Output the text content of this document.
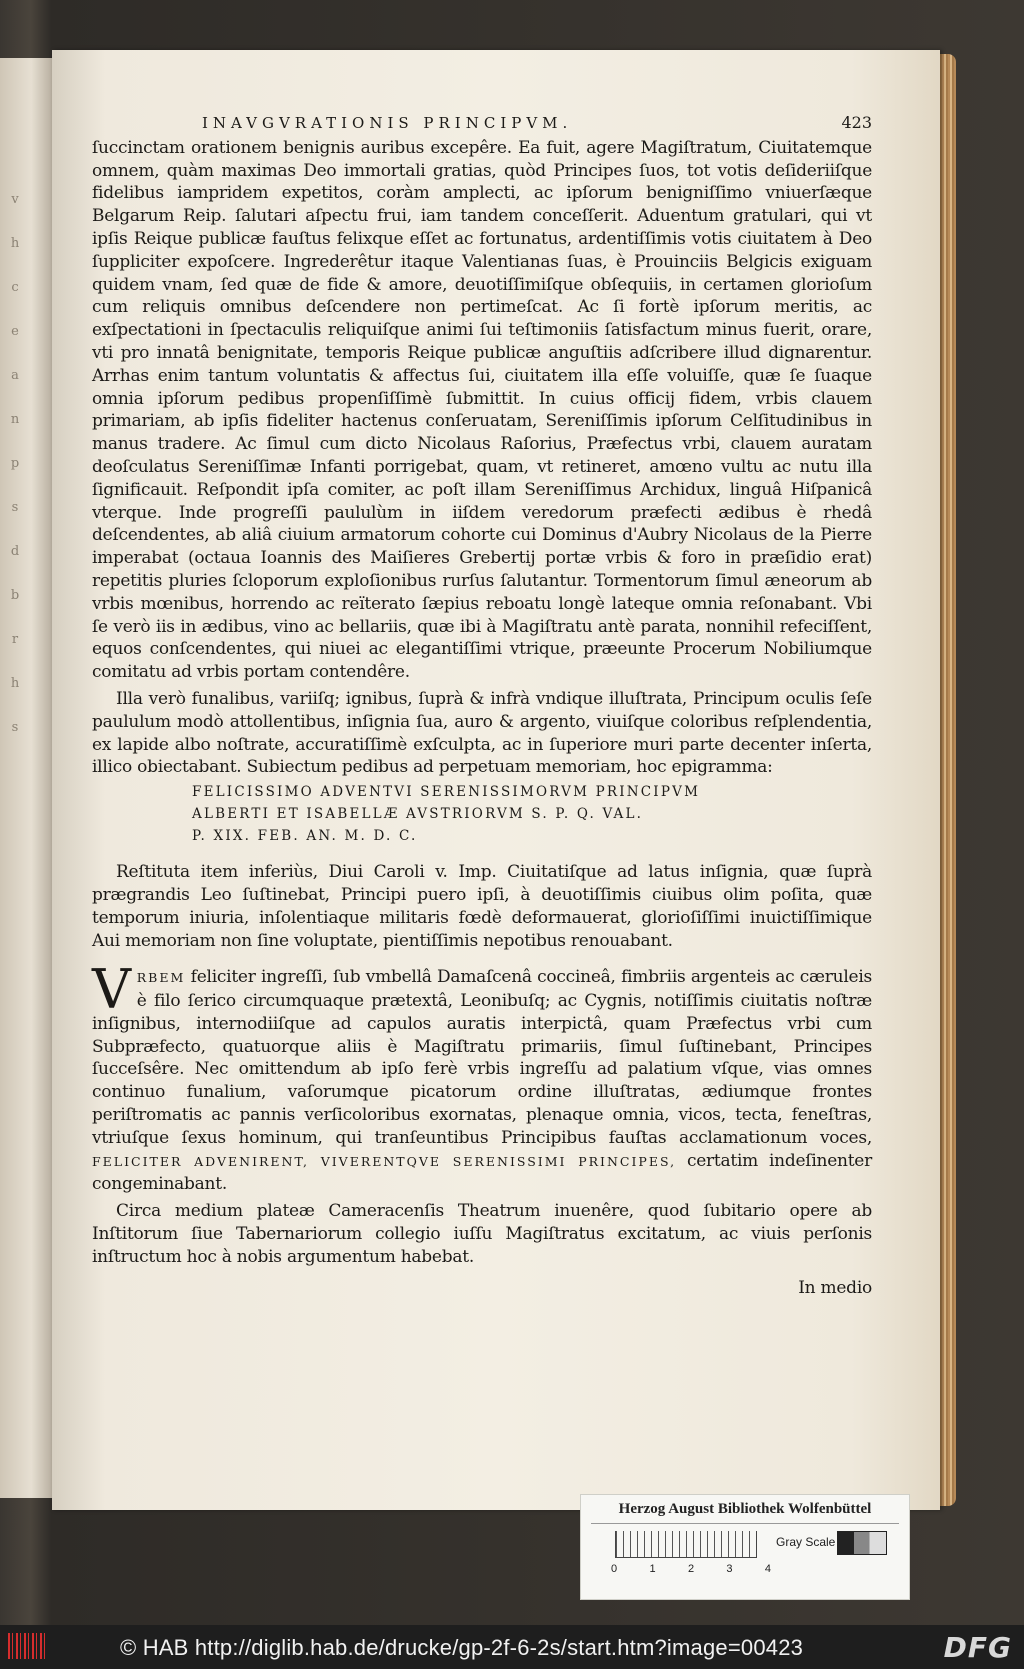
v
h
c
e
a
n
p
s
d
b
r
h
s
INAVGVRATIONIS PRINCIPVM.	423

ſuccinctam orationem benignis auribus excepêre. Ea fuit, agere Magiſtratum, Ciuitatemque omnem, quàm maximas Deo immortali gratias, quòd Principes ſuos, tot votis deſideriiſque fidelibus iampridem expetitos, coràm amplecti, ac ipſorum benigniſſimo vniuerſæque Belgarum Reip. ſalutari aſpectu frui, iam tandem conceſſerit. Aduentum gratulari, qui vt ipſis Reique publicæ fauſtus felixque eſſet ac fortunatus, ardentiſſimis votis ciuitatem à Deo ſuppliciter expoſcere. Ingrederêtur itaque Valentianas ſuas, è Prouinciis Belgicis exiguam quidem vnam, ſed quæ de fide & amore, deuotiſſimiſque obſequiis, in certamen glorioſum cum reliquis omnibus deſcendere non pertimeſcat. Ac ſi fortè ipſorum meritis, ac exſpectationi in ſpectaculis reliquiſque animi ſui teſtimoniis ſatisfactum minus fuerit, orare, vti pro innatâ benignitate, temporis Reique publicæ anguſtiis adſcribere illud dignarentur. Arrhas enim tantum voluntatis & affectus ſui, ciuitatem illa eſſe voluiſſe, quæ ſe ſuaque omnia ipſorum pedibus propenſiſſimè ſubmittit. In cuius officij fidem, vrbis clauem primariam, ab ipſis fideliter hactenus conſeruatam, Sereniſſimis ipſorum Celſitudinibus in manus tradere. Ac ſimul cum dicto Nicolaus Raſorius, Præfectus vrbi, clauem auratam deoſculatus Sereniſſimæ Infanti porrigebat, quam, vt retineret, amœno vultu ac nutu illa ſignificauit. Reſpondit ipſa comiter, ac poſt illam Sereniſſimus Archidux, linguâ Hiſpanicâ vterque. Inde progreſſi paululùm in iiſdem veredorum præfecti ædibus è rhedâ deſcendentes, ab aliâ ciuium armatorum cohorte cui Dominus d'Aubry Nicolaus de la Pierre imperabat (octaua Ioannis des Maiſieres Grebertij portæ vrbis & foro in præſidio erat) repetitis pluries ſcloporum exploſionibus rurſus ſalutantur. Tormentorum ſimul æneorum ab vrbis mœnibus, horrendo ac reïterato ſæpius reboatu longè lateque omnia reſonabant. Vbi ſe verò iis in ædibus, vino ac bellariis, quæ ibi à Magiſtratu antè parata, nonnihil refeciſſent, equos conſcendentes, qui niuei ac elegantiſſimi vtrique, præeunte Procerum Nobiliumque comitatu ad vrbis portam contendêre.

Illa verò funalibus, variiſq; ignibus, ſuprà & infrà vndique illuſtrata, Principum oculis ſeſe paululum modò attollentibus, inſignia ſua, auro & argento, viuiſque coloribus reſplendentia, ex lapide albo noſtrate, accuratiſſimè exſculpta, ac in ſuperiore muri parte decenter inſerta, illico obiectabant. Subiectum pedibus ad perpetuam memoriam, hoc epigramma:

FELICISSIMO ADVENTVI SERENISSIMORVM PRINCIPVM
ALBERTI ET ISABELLÆ AVSTRIORVM S. P. Q. VAL.
P. XIX. FEB. AN. M. D. C.

Reſtituta item inferiùs, Diui Caroli v. Imp. Ciuitatiſque ad latus inſignia, quæ ſuprà prægrandis Leo ſuſtinebat, Principi puero ipſi, à deuotiſſimis ciuibus olim poſita, quæ temporum iniuria, inſolentiaque militaris fœdè deformauerat, glorioſiſſimi inuictiſſimique Aui memoriam non ſine voluptate, pientiſſimis nepotibus renouabant.

VRBEM feliciter ingreſſi, ſub vmbellâ Damaſcenâ coccineâ, fimbriis argenteis ac cæruleis è filo ſerico circumquaque prætextâ, Leonibuſq; ac Cygnis, notiſſimis ciuitatis noſtræ inſignibus, internodiiſque ad capulos auratis interpictâ, quam Præfectus vrbi cum Subpræfecto, quatuorque aliis è Magiſtratu primariis, ſimul ſuſtinebant, Principes ſucceſsêre. Nec omittendum ab ipſo ferè vrbis ingreſſu ad palatium vſque, vias omnes continuo funalium, vaſorumque picatorum ordine illuſtratas, ædiumque frontes periſtromatis ac pannis verſicoloribus exornatas, plenaque omnia, vicos, tecta, feneſtras, vtriuſque ſexus hominum, qui tranſeuntibus Principibus fauſtas acclamationum voces, FELICITER ADVENIRENT, VIVERENTQVE SERENISSIMI PRINCIPES, certatim indeſinenter congeminabant.

Circa medium plateæ Cameracenſis Theatrum inuenêre, quod ſubitario opere ab Inſtitorum ſiue Tabernariorum collegio iuſſu Magiſtratus excitatum, ac viuis perſonis inſtructum hoc à nobis argumentum habebat.

In medio
Herzog August Bibliothek Wolfenbüttel
0	1	2	3	4
Gray Scale
© HAB http://diglib.hab.de/drucke/gp-2f-6-2s/start.htm?image=00423	DFG
